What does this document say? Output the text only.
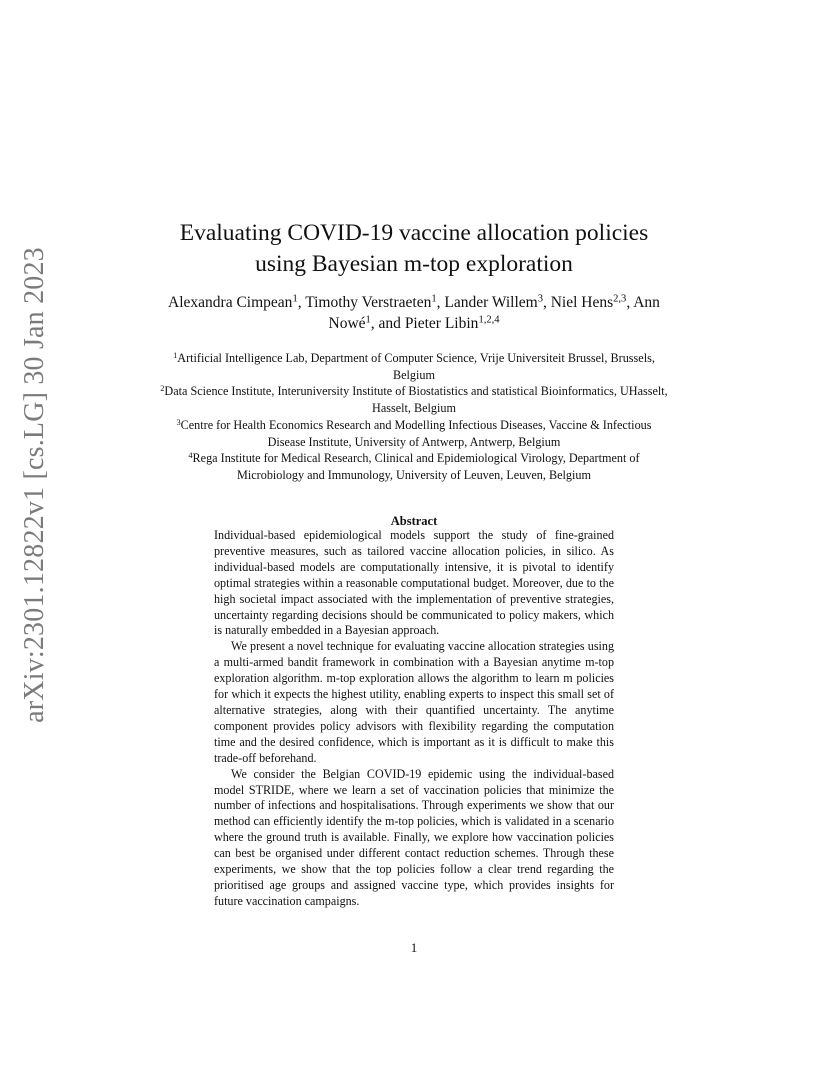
arXiv:2301.12822v1 [cs.LG] 30 Jan 2023
Evaluating COVID-19 vaccine allocation policies
using Bayesian m-top exploration
Alexandra Cimpean$^1$, Timothy Verstraeten$^1$, Lander Willem$^3$, Niel Hens$^{2,3}$, Ann Nowé$^1$, and Pieter Libin$^{1,2,4}$
$^1$Artificial Intelligence Lab, Department of Computer Science, Vrije Universiteit Brussel, Brussels, Belgium
$^2$Data Science Institute, Interuniversity Institute of Biostatistics and statistical Bioinformatics, UHasselt, Hasselt, Belgium
$^3$Centre for Health Economics Research and Modelling Infectious Diseases, Vaccine & Infectious Disease Institute, University of Antwerp, Antwerp, Belgium
$^4$Rega Institute for Medical Research, Clinical and Epidemiological Virology, Department of Microbiology and Immunology, University of Leuven, Leuven, Belgium
Abstract

Individual-based epidemiological models support the study of fine-grained preventive measures, such as tailored vaccine allocation policies, in silico. As individual-based models are computationally intensive, it is pivotal to identify optimal strategies within a reasonable computational budget. Moreover, due to the high societal impact associated with the implementation of preventive strategies, uncertainty regarding decisions should be communicated to policy makers, which is naturally embedded in a Bayesian approach.

We present a novel technique for evaluating vaccine allocation strategies using a multi-armed bandit framework in combination with a Bayesian anytime m-top exploration algorithm. m-top exploration allows the algorithm to learn m policies for which it expects the highest utility, enabling experts to inspect this small set of alternative strategies, along with their quantified uncertainty. The anytime component provides policy advisors with flexibility regarding the computation time and the desired confidence, which is important as it is difficult to make this trade-off beforehand.

We consider the Belgian COVID-19 epidemic using the individual-based model STRIDE, where we learn a set of vaccination policies that minimize the number of infections and hospitalisations. Through experiments we show that our method can efficiently identify the m-top policies, which is validated in a scenario where the ground truth is available. Finally, we explore how vaccination policies can best be organised under different contact reduction schemes. Through these experiments, we show that the top policies follow a clear trend regarding the prioritised age groups and assigned vaccine type, which provides insights for future vaccination campaigns.

1
